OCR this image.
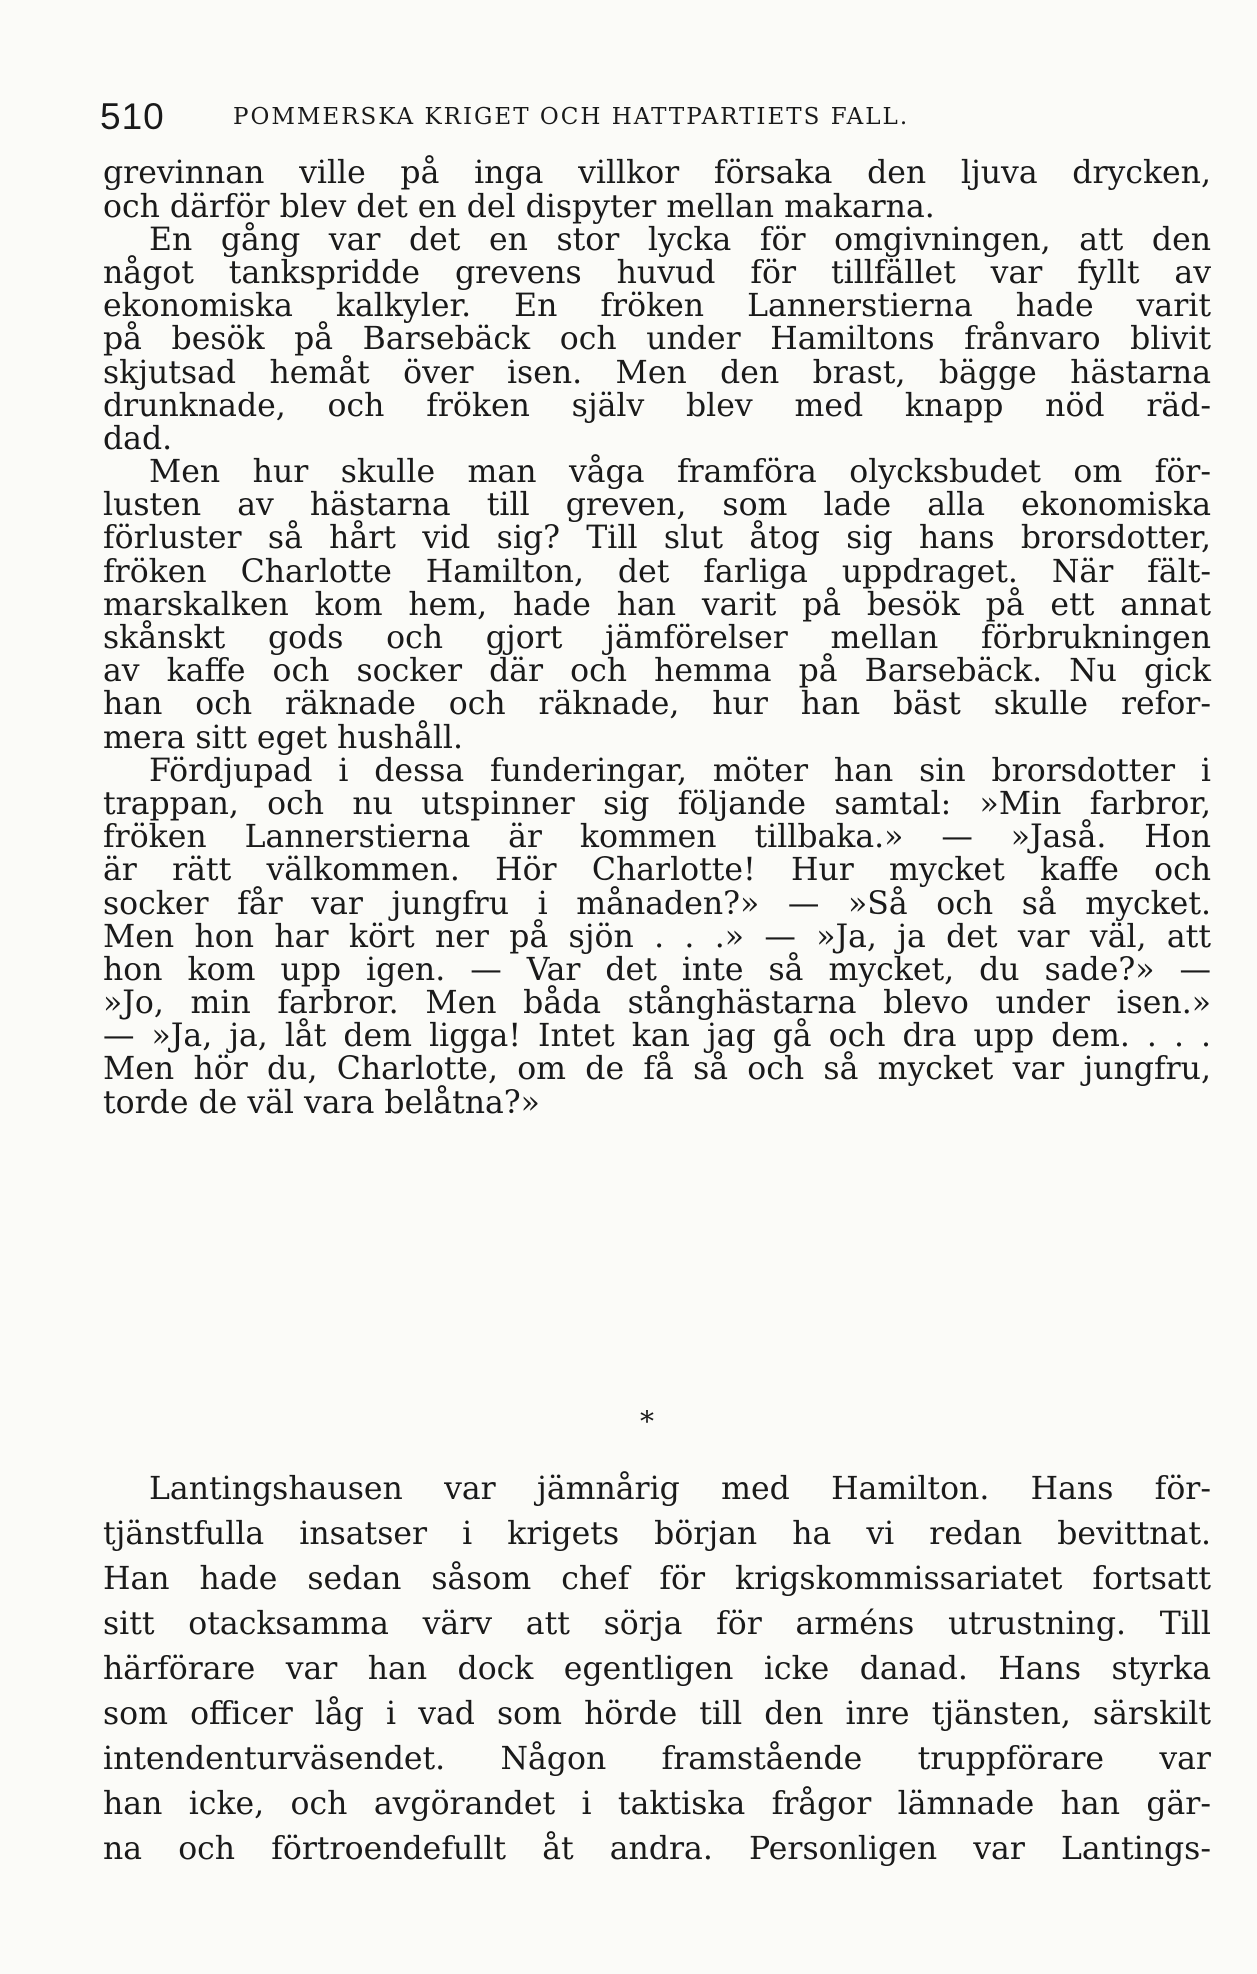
510	POMMERSKA KRIGET OCH HATTPARTIETS FALL.
grevinnan ville på inga villkor försaka den ljuva drycken,
och därför blev det en del dispyter mellan makarna.
En gång var det en stor lycka för omgivningen, att den
något tankspridde grevens huvud för tillfället var fyllt av
ekonomiska kalkyler. En fröken Lannerstierna hade varit
på besök på Barsebäck och under Hamiltons frånvaro blivit
skjutsad hemåt över isen. Men den brast, bägge hästarna
drunknade, och fröken själv blev med knapp nöd räd-
dad.
Men hur skulle man våga framföra olycksbudet om för-
lusten av hästarna till greven, som lade alla ekonomiska
förluster så hårt vid sig? Till slut åtog sig hans brorsdotter,
fröken Charlotte Hamilton, det farliga uppdraget. När fält-
marskalken kom hem, hade han varit på besök på ett annat
skånskt gods och gjort jämförelser mellan förbrukningen
av kaffe och socker där och hemma på Barsebäck. Nu gick
han och räknade och räknade, hur han bäst skulle refor-
mera sitt eget hushåll.
Fördjupad i dessa funderingar, möter han sin brorsdotter i
trappan, och nu utspinner sig följande samtal: »Min farbror,
fröken Lannerstierna är kommen tillbaka.» — »Jaså. Hon
är rätt välkommen. Hör Charlotte! Hur mycket kaffe och
socker får var jungfru i månaden?» — »Så och så mycket.
Men hon har kört ner på sjön . . .» — »Ja, ja det var väl, att
hon kom upp igen. — Var det inte så mycket, du sade?» —
»Jo, min farbror. Men båda stånghästarna blevo under isen.»
— »Ja, ja, låt dem ligga! Intet kan jag gå och dra upp dem. . . .
Men hör du, Charlotte, om de få så och så mycket var jungfru,
torde de väl vara belåtna?»
*
Lantingshausen var jämnårig med Hamilton. Hans för-
tjänstfulla insatser i krigets början ha vi redan bevittnat.
Han hade sedan såsom chef för krigskommissariatet fortsatt
sitt otacksamma värv att sörja för arméns utrustning. Till
härförare var han dock egentligen icke danad. Hans styrka
som officer låg i vad som hörde till den inre tjänsten, särskilt
intendenturväsendet. Någon framstående truppförare var
han icke, och avgörandet i taktiska frågor lämnade han gär-
na och förtroendefullt åt andra. Personligen var Lantings-
